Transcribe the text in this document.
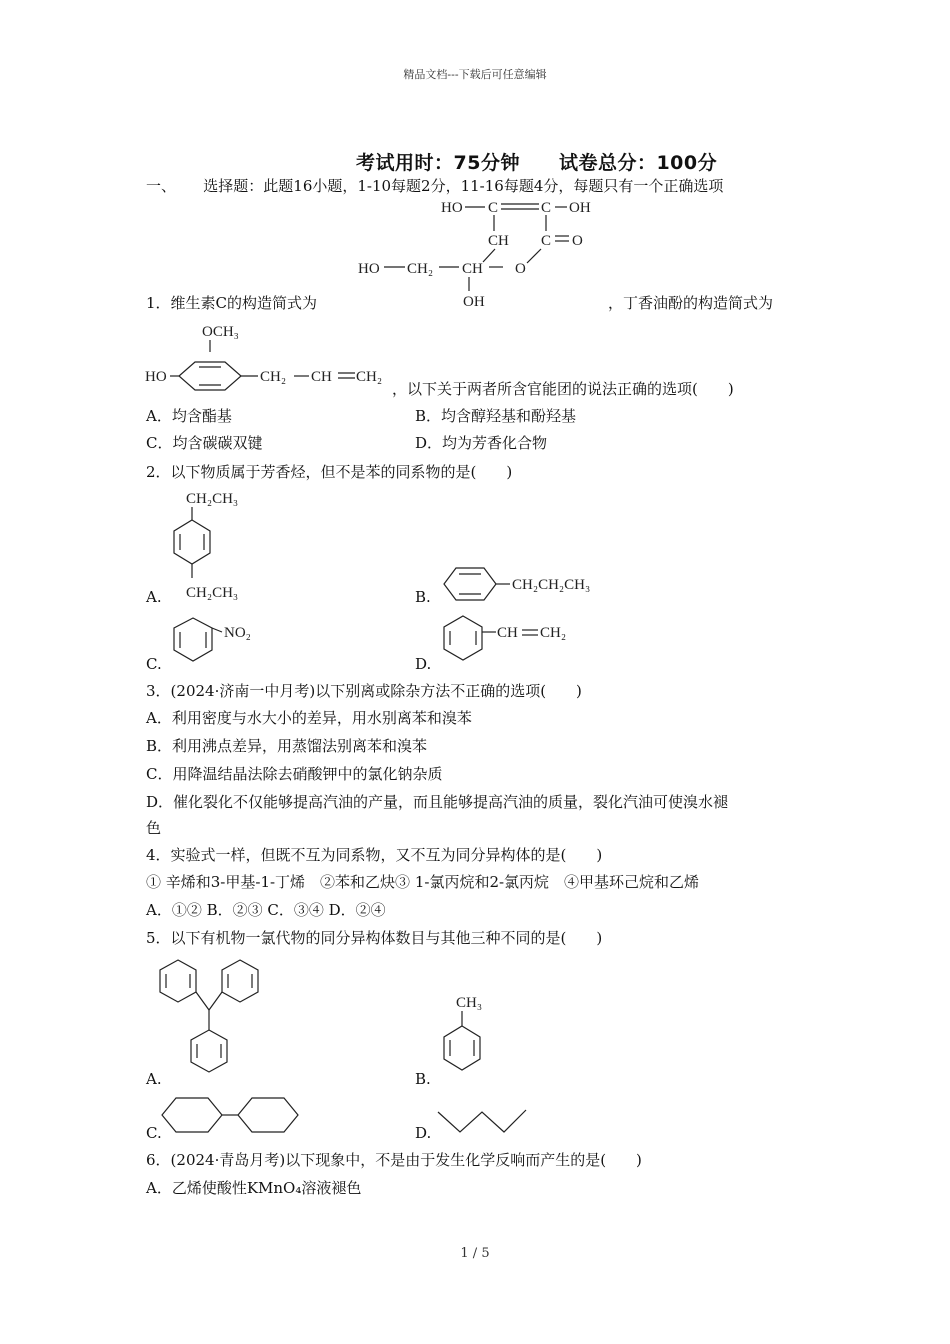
精品文档---下载后可任意编辑
考试用时：75分钟　　试卷总分：100分
一、　　 选择题：此题16小题，1-10每题2分，11-16每题4分，每题只有一个正确选项
HO C	C OH
CH C O
HO CH₂ CH O
OH
1．维生素C的构造简式为	，丁香油酚的构造简式为
OCH₃
HO	CH₂ CH CH₂
，以下关于两者所含官能团的说法正确的选项(　　)
A．均含酯基	B．均含醇羟基和酚羟基
C．均含碳碳双键	D．均为芳香化合物
2．以下物质属于芳香烃，但不是苯的同系物的是(　　)
CH₂CH₃
CH₂CH₃
A.
CH₂CH₂CH₃
B.
NO₂
C.
CH CH₂
D.
3．(2024·济南一中月考)以下别离或除杂方法不正确的选项(　　)
A．利用密度与水大小的差异，用水别离苯和溴苯
B．利用沸点差异，用蒸馏法别离苯和溴苯
C．用降温结晶法除去硝酸钾中的氯化钠杂质
D．催化裂化不仅能够提高汽油的产量，而且能够提高汽油的质量，裂化汽油可使溴水褪
色
4．实验式一样，但既不互为同系物，又不互为同分异构体的是(　　)
① 辛烯和3-甲基-1-丁烯　②苯和乙炔③ 1-氯丙烷和2-氯丙烷　④甲基环己烷和乙烯
A．①② B．②③ C．③④ D．②④
5．以下有机物一氯代物的同分异构体数目与其他三种不同的是(　　)
A.
CH₃
B.
C.	D.
6．(2024·青岛月考)以下现象中，不是由于发生化学反响而产生的是(　　)
A．乙烯使酸性KMnO₄溶液褪色
1 / 5
